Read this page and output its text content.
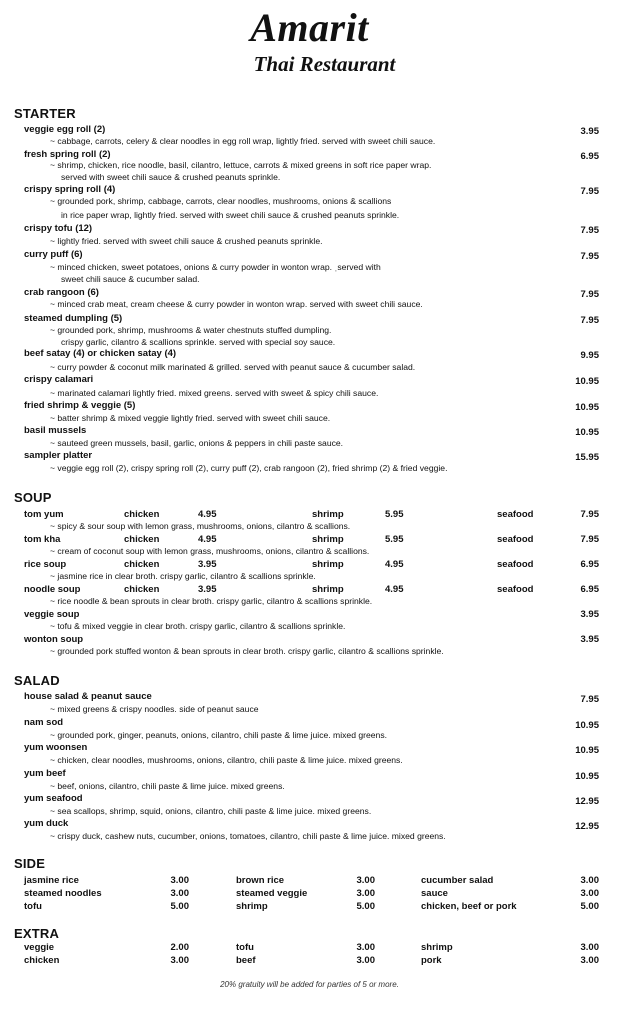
Amarit
Thai Restaurant
STARTER
veggie egg roll (2)	3.95
~ cabbage, carrots, celery & clear noodles in egg roll wrap, lightly fried. served with sweet chili sauce.
fresh spring roll (2)	6.95
~ shrimp, chicken, rice noodle, basil, cilantro, lettuce, carrots & mixed greens in soft rice paper wrap.
served with sweet chili sauce & crushed peanuts sprinkle.
crispy spring roll (4)	7.95
~ grounded pork, shrimp, cabbage, carrots, clear noodles, mushrooms, onions & scallions
in rice paper wrap, lightly fried. served with sweet chili sauce & crushed peanuts sprinkle.
crispy tofu (12)	7.95
~ lightly fried. served with sweet chili sauce & crushed peanuts sprinkle.
curry puff (6)	7.95
~ minced chicken, sweet potatoes, onions & curry powder in wonton wrap. ˌserved with
sweet chili sauce & cucumber salad.
crab rangoon (6)	7.95
~ minced crab meat, cream cheese & curry powder in wonton wrap. served with sweet chili sauce.
steamed dumpling (5)	7.95
~ grounded pork, shrimp, mushrooms & water chestnuts stuffed dumpling.
crispy garlic, cilantro & scallions sprinkle. served with special soy sauce.
beef satay (4) or chicken satay (4)	9.95
~ curry powder & coconut milk marinated & grilled. served with peanut sauce & cucumber salad.
crispy calamari	10.95
~ marinated calamari lightly fried. mixed greens. served with sweet & spicy chili sauce.
fried shrimp & veggie (5)	10.95
~ batter shrimp & mixed veggie lightly fried. served with sweet chili sauce.
basil mussels	10.95
~ sauteed green mussels, basil, garlic, onions & peppers in chili paste sauce.
sampler platter	15.95
~ veggie egg roll (2), crispy spring roll (2), curry puff (2), crab rangoon (2), fried shrimp (2) & fried veggie.
SOUP
tom yum	chicken	4.95	shrimp	5.95	seafood	7.95
~ spicy & sour soup with lemon grass, mushrooms, onions, cilantro & scallions.
tom kha	chicken	4.95	shrimp	5.95	seafood	7.95
~ cream of coconut soup with lemon grass, mushrooms, onions, cilantro & scallions.
rice soup	chicken	3.95	shrimp	4.95	seafood	6.95
~ jasmine rice in clear broth. crispy garlic, cilantro & scallions sprinkle.
noodle soup	chicken	3.95	shrimp	4.95	seafood	6.95
~ rice noodle & bean sprouts in clear broth. crispy garlic, cilantro & scallions sprinkle.
veggie soup	3.95
~ tofu & mixed veggie in clear broth. crispy garlic, cilantro & scallions sprinkle.
wonton soup	3.95
~ grounded pork stuffed wonton & bean sprouts in clear broth. crispy garlic, cilantro & scallions sprinkle.
SALAD
house salad & peanut sauce	7.95
~ mixed greens & crispy noodles. side of peanut sauce
nam sod	10.95
~ grounded pork, ginger, peanuts, onions, cilantro, chili paste & lime juice. mixed greens.
yum woonsen	10.95
~ chicken, clear noodles, mushrooms, onions, cilantro, chili paste & lime juice. mixed greens.
yum beef	10.95
~ beef, onions, cilantro, chili paste & lime juice. mixed greens.
yum seafood	12.95
~ sea scallops, shrimp, squid, onions, cilantro, chili paste & lime juice. mixed greens.
yum duck	12.95
~ crispy duck, cashew nuts, cucumber, onions, tomatoes, cilantro, chili paste & lime juice. mixed greens.
SIDE
jasmine rice	3.00	brown rice	3.00	cucumber salad	3.00
steamed noodles	3.00	steamed veggie	3.00	sauce	3.00
tofu	5.00	shrimp	5.00	chicken, beef or pork	5.00
EXTRA
veggie	2.00	tofu	3.00	shrimp	3.00
chicken	3.00	beef	3.00	pork	3.00
20% gratuity will be added for parties of 5 or more.
